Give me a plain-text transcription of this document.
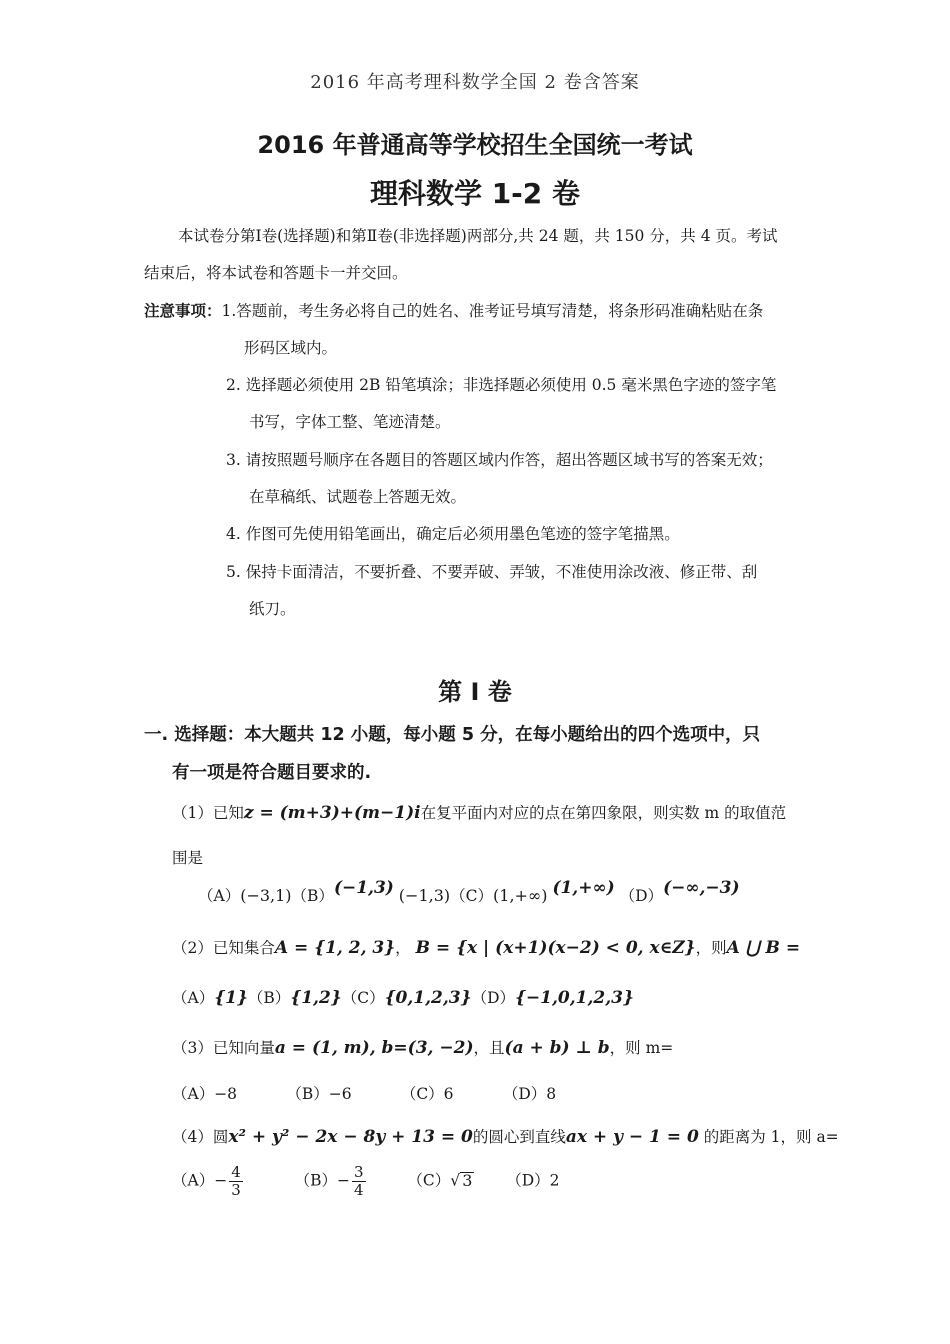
2016 年高考理科数学全国 2 卷含答案
2016 年普通高等学校招生全国统一考试
理科数学 1-2 卷
本试卷分第Ⅰ卷(选择题)和第Ⅱ卷(非选择题)两部分,共 24 题，共 150 分，共 4 页。考试
结束后，将本试卷和答题卡一并交回。
注意事项：1.答题前，考生务必将自己的姓名、准考证号填写清楚，将条形码准确粘贴在条
形码区域内。
2. 选择题必须使用 2B 铅笔填涂；非选择题必须使用 0.5 毫米黑色字迹的签字笔
书写，字体工整、笔迹清楚。
3. 请按照题号顺序在各题目的答题区域内作答，超出答题区域书写的答案无效；
在草稿纸、试题卷上答题无效。
4. 作图可先使用铅笔画出，确定后必须用墨色笔迹的签字笔描黑。
5. 保持卡面清洁，不要折叠、不要弄破、弄皱，不准使用涂改液、修正带、刮
纸刀。
第 Ⅰ 卷
一. 选择题：本大题共 12 小题，每小题 5 分，在每小题给出的四个选项中，只
有一项是符合题目要求的.
（1）已知z = (m+3)+(m−1)i在复平面内对应的点在第四象限，则实数 m 的取值范
围是
（A）(−3,1)（B）(−1,3) (−1,3)（C）(1,+∞) (1,+∞) （D）(−∞,−3)
（2）已知集合A = {1, 2, 3}， B = {x | (x+1)(x−2) < 0, x∈Z}，则A ⋃ B =
（A）{1}（B）{1,2}（C）{0,1,2,3}（D）{−1,0,1,2,3}
（3）已知向量a = (1, m), b=(3, −2)，且(a + b) ⊥ b，则 m=
（A）−8          （B）−6          （C）6          （D）8
（4）圆x² + y² − 2x − 8y + 13 = 0的圆心到直线ax + y − 1 = 0 的距离为 1，则 a=
$(A)- \frac{4}{3}$	$(B)- \frac{3}{4}$	（C）√ 3 （D）2
